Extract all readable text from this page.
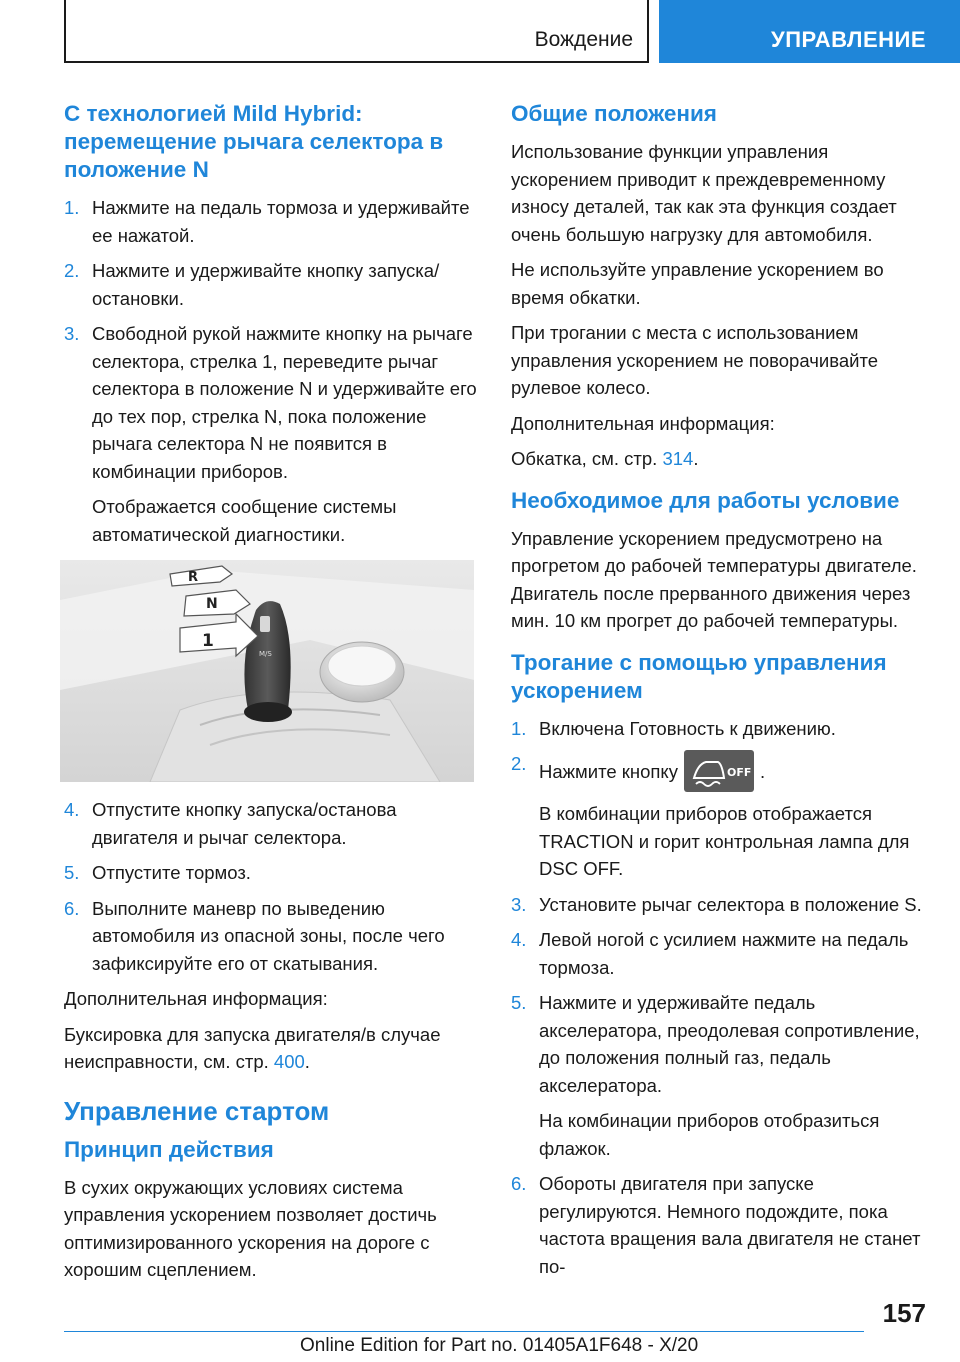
Вождение	УПРАВЛЕНИЕ
С технологией Mild Hybrid: перемещение рычага селектора в положение N
1. Нажмите на педаль тормоза и удерживайте ее нажатой.
2. Нажмите и удерживайте кнопку запуска/остановки.
3. Свободной рукой нажмите кнопку на рычаге селектора, стрелка 1, переведите рычаг селектора в положение N и удерживайте его до тех пор, стрелка N, пока положение рычага селектора N не появится в комбинации приборов.
Отображается сообщение системы автоматической диагностики.
M/S
R
N
1
4. Отпустите кнопку запуска/останова двигателя и рычаг селектора.
5. Отпустите тормоз.
6. Выполните маневр по выведению автомобиля из опасной зоны, после чего зафиксируйте его от скатывания.

Дополнительная информация:

Буксировка для запуска двигателя/в случае неисправности, см. стр. 400.

Управление стартом
Принцип действия

В сухих окружающих условиях система управления ускорением позволяет достичь оптимизированного ускорения на дороге с хорошим сцеплением.

Общие положения

Использование функции управления ускорением приводит к преждевременному износу деталей, так как эта функция создает очень большую нагрузку для автомобиля.

Не используйте управление ускорением во время обкатки.

При трогании с места с использованием управления ускорением не поворачивайте рулевое колесо.

Дополнительная информация:

Обкатка, см. стр. 314.

Необходимое для работы условие

Управление ускорением предусмотрено на прогретом до рабочей температуры двигателе. Двигатель после прерванного движения через мин. 10 км прогрет до рабочей температуры.

Трогание с помощью управления ускорением
1. Включена Готовность к движению.
2. Нажмите кнопку	OFF .
В комбинации приборов отображается TRACTION и горит контрольная лампа для DSC OFF.
3. Установите рычаг селектора в положение S.
4. Левой ногой с усилием нажмите на педаль тормоза.
5. Нажмите и удерживайте педаль акселератора, преодолевая сопротивление, до положения полный газ, педаль акселератора.
На комбинации приборов отобразиться флажок.
6. Обороты двигателя при запуске регулируются. Немного подождите, пока частота вращения вала двигателя не станет по-
157
Online Edition for Part no. 01405A1F648 - X/20
